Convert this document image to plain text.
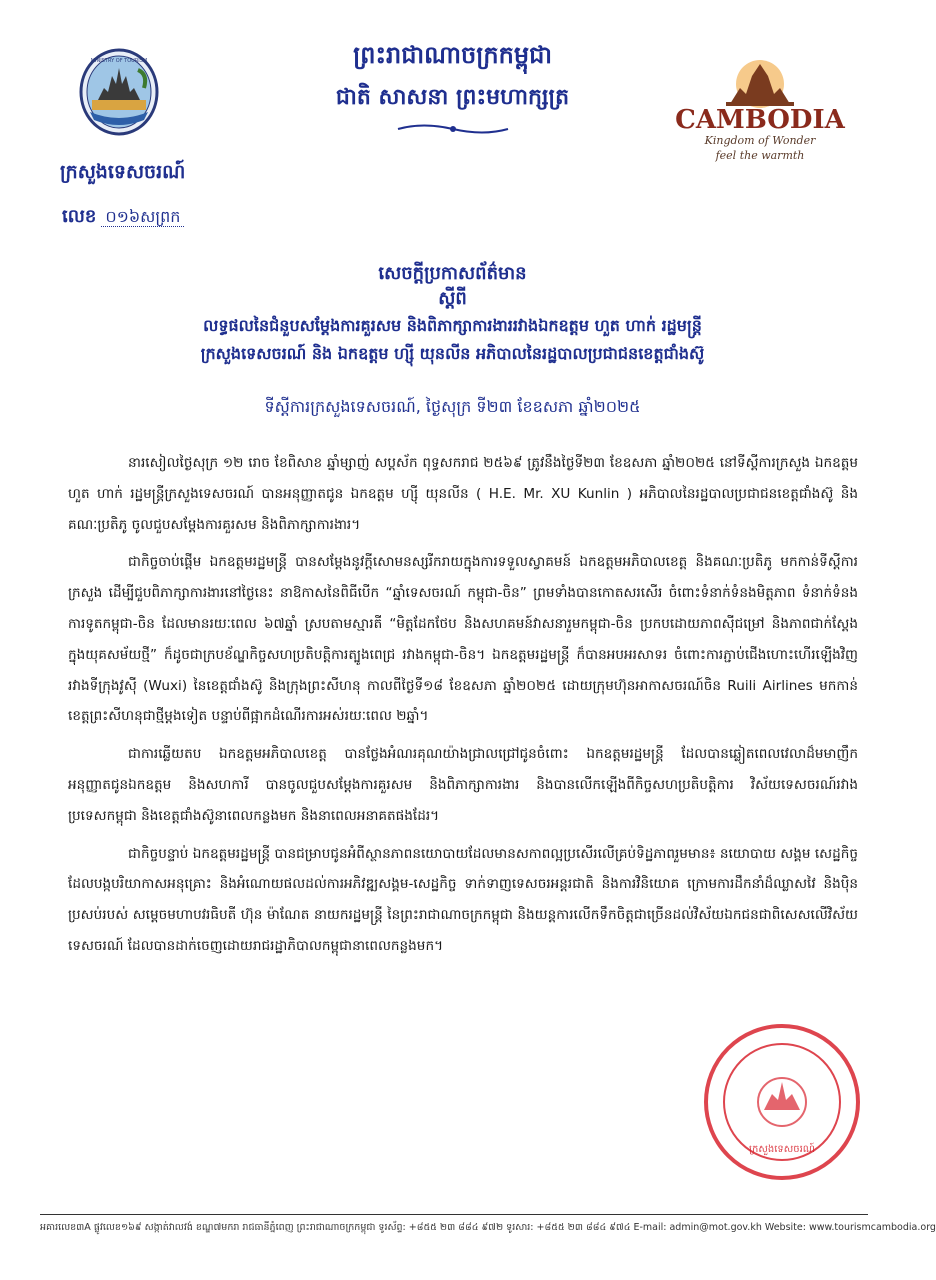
ព្រះរាជាណាចក្រកម្ពុជា
ជាតិ សាសនា ព្រះមហាក្សត្រ
MINISTRY OF TOURISM
ក្រសួងទេសចរណ៍
លេខ ០១៦សព្រក
CAMBODIA
Kingdom of Wonder
feel the warmth
សេចក្តីប្រកាសព័ត៌មាន
ស្តីពី
លទ្ធផលនៃជំនួបសម្តែងការគួរសម និងពិភាក្សាការងាររវាងឯកឧត្តម ហួត ហាក់ រដ្ឋមន្រ្តី
ក្រសួងទេសចរណ៍ និង ឯកឧត្តម ហ្ស៊ី យុនលីន អភិបាលនៃរដ្ឋបាលប្រជាជនខេត្តជាំងស៊ូ
ទីស្តីការក្រសួងទេសចរណ៍, ថ្ងៃសុក្រ ទី២៣ ខែឧសភា ឆ្នាំ២០២៥

នារសៀលថ្ងៃសុក្រ ១២ រោច ខែពិសាខ ឆ្នាំម្សាញ់ សប្តស័ក ពុទ្ធសករាជ ២៥៦៩ ត្រូវនឹងថ្ងៃទី២៣ ខែឧសភា ឆ្នាំ២០២៥ នៅទីស្តីការក្រសួង ឯកឧត្តម ហួត ហាក់ រដ្ឋមន្ត្រីក្រសួងទេសចរណ៍ បានអនុញ្ញាតជូន ឯកឧត្តម ហ្ស៊ី យុនលីន ( H.E. Mr. XU Kunlin ) អភិបាលនៃរដ្ឋបាលប្រជាជនខេត្តជាំងស៊ូ និងគណៈប្រតិភូ ចូលជួបសម្តែងការគួរសម និងពិភាក្សាការងារ។

ជាកិច្ចចាប់ផ្តើម ឯកឧត្តមរដ្ឋមន្ត្រី បានសម្តែងនូវក្តីសោមនស្សរីករាយក្នុងការទទួលស្វាគមន៍ ឯកឧត្តមអភិបាលខេត្ត និងគណៈប្រតិភូ មកកាន់ទីស្តីការក្រសួង ដើម្បីជួបពិភាក្សាការងារនៅថ្ងៃនេះ នាឱកាសនៃពិធីបើក “ឆ្នាំទេសចរណ៍ កម្ពុជា-ចិន” ព្រមទាំងបានកោតសរសើរ ចំពោះទំនាក់ទំនងមិត្តភាព ទំនាក់ទំនងការទូតកម្ពុជា-ចិន ដែលមានរយៈពេល ៦៧ឆ្នាំ ស្របតាមស្មារតី “មិត្តដែកថែប និងសហគមន៍វាសនារួមកម្ពុជា-ចិន ប្រកបដោយភាពស៊ីជម្រៅ និងភាពជាក់ស្តែង ក្នុងយុគសម័យថ្មី” ក៏ដូចជាក្របខ័ណ្ឌកិច្ចសហប្រតិបត្តិការត្បូងពេជ្រ រវាងកម្ពុជា-ចិន។ ឯកឧត្តមរដ្ឋមន្ត្រី ក៏បានអបអរសាទរ ចំពោះការភ្ជាប់ជើងហោះហើរឡើងវិញរវាងទីក្រុងវូស៊ី (Wuxi) នៃខេត្តជាំងស៊ូ និងក្រុងព្រះសីហនុ កាលពីថ្ងៃទី១៨ ខែឧសភា ឆ្នាំ២០២៥ ដោយក្រុមហ៊ុនអាកាសចរណ៍ចិន Ruili Airlines មកកាន់ខេត្តព្រះសីហនុជាថ្មីម្តងទៀត បន្ទាប់ពីផ្អាកដំណើរការអស់រយៈពេល ២ឆ្នាំ។

ជាការឆ្លើយតប ឯកឧត្តមអភិបាលខេត្ត បានថ្លែងអំណរគុណយ៉ាងជ្រាលជ្រៅជូនចំពោះ ឯកឧត្តមរដ្ឋមន្ត្រី ដែលបានឆ្លៀតពេលវេលាដ៏មមាញឹកអនុញ្ញាតជូនឯកឧត្តម និងសហការី បានចូលជួបសម្តែងការគួរសម និងពិភាក្សាការងារ និងបានលើកឡើងពីកិច្ចសហប្រតិបត្តិការ វិស័យទេសចរណ៍រវាងប្រទេសកម្ពុជា និងខេត្តជាំងស៊ូនាពេលកន្លងមក និងនាពេលអនាគតផងដែរ។

ជាកិច្ចបន្ទាប់ ឯកឧត្តមរដ្ឋមន្ត្រី បានជម្រាបជូនអំពីស្ថានភាពនយោបាយដែលមានសកាពល្អប្រសើរលើគ្រប់ទិដ្ឋភាពរួមមាន៖ នយោបាយ សង្គម សេដ្ឋកិច្ច ដែលបង្កបរិយាកាសអនុគ្រោះ និងអំណោយផលដល់ការអភិវឌ្ឍសង្គម-សេដ្ឋកិច្ច ទាក់ទាញទេសចរអន្តរជាតិ និងការវិនិយោគ ក្រោមការដឹកនាំដ៏ឈ្លាសវៃ និងប៉ិនប្រសប់របស់ សម្តេចមហាបវរធិបតី ហ៊ុន ម៉ាណែត នាយករដ្ឋមន្ត្រី នៃព្រះរាជាណាចក្រកម្ពុជា និងយន្តការលើកទឹកចិត្តជាច្រើនដល់វិស័យឯកជនជាពិសេសលើវិស័យទេសចរណ៍ ដែលបានដាក់ចេញដោយរាជរដ្ឋាភិបាលកម្ពុជានាពេលកន្លងមក។

ក្រសួងទេសចរណ៍
អគារលេខ៣A ផ្លូវលេខ១៦៩ សង្កាត់វាលវង់ ខណ្ឌ៧មករា រាជធានីភ្នំពេញ ព្រះរាជាណាចក្រកម្ពុជា ទូរស័ព្ទ: +៨៥៥ ២៣ ៨៨៤ ៩៧២ ទូរសារ: +៨៥៥ ២៣ ៨៨៤ ៩៧៤ E-mail: admin@mot.gov.kh Website: www.tourismcambodia.org
